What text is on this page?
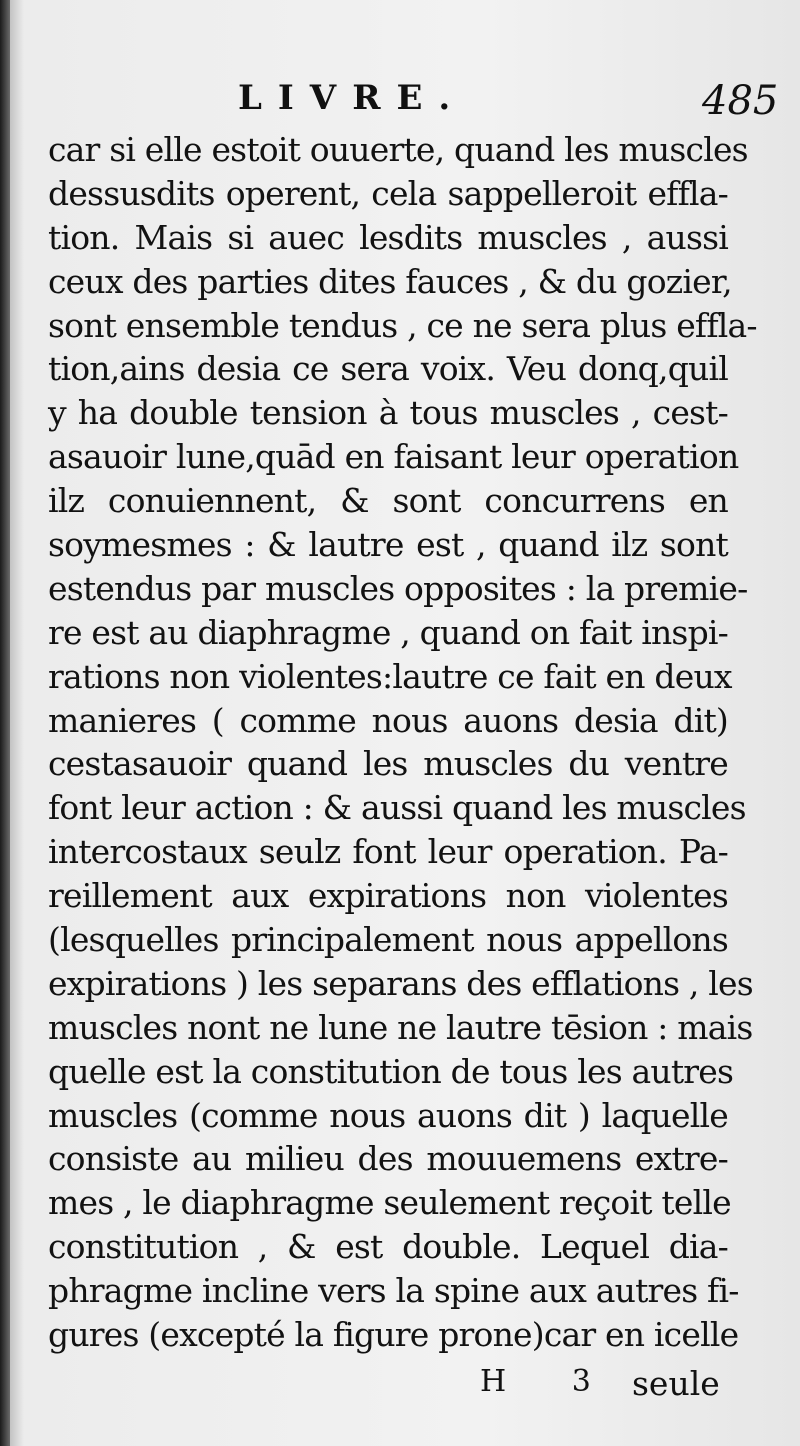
LIVRE.	485
car si elle estoit ouuerte, quand les muscles
dessusdits operent, cela sappelleroit effla-
tion. Mais si auec lesdits muscles , aussi
ceux des parties dites fauces , & du gozier,
sont ensemble tendus , ce ne sera plus effla-
tion,ains desia ce sera voix. Veu donq,quil
y ha double tension à tous muscles , cest-
asauoir lune,quād en faisant leur operation
ilz conuiennent, & sont concurrens en
soymesmes : & lautre est , quand ilz sont
estendus par muscles opposites : la premie-
re est au diaphragme , quand on fait inspi-
rations non violentes:lautre ce fait en deux
manieres ( comme nous auons desia dit)
cestasauoir quand les muscles du ventre
font leur action : & aussi quand les muscles
intercostaux seulz font leur operation. Pa-
reillement aux expirations non violentes
(lesquelles principalement nous appellons
expirations ) les separans des efflations , les
muscles nont ne lune ne lautre tēsion : mais
quelle est la constitution de tous les autres
muscles (comme nous auons dit ) laquelle
consiste au milieu des mouuemens extre-
mes , le diaphragme seulement reçoit telle
constitution , & est double. Lequel dia-
phragme incline vers la spine aux autres fi-
gures (excepté la figure prone)car en icelle
H 3 seule
